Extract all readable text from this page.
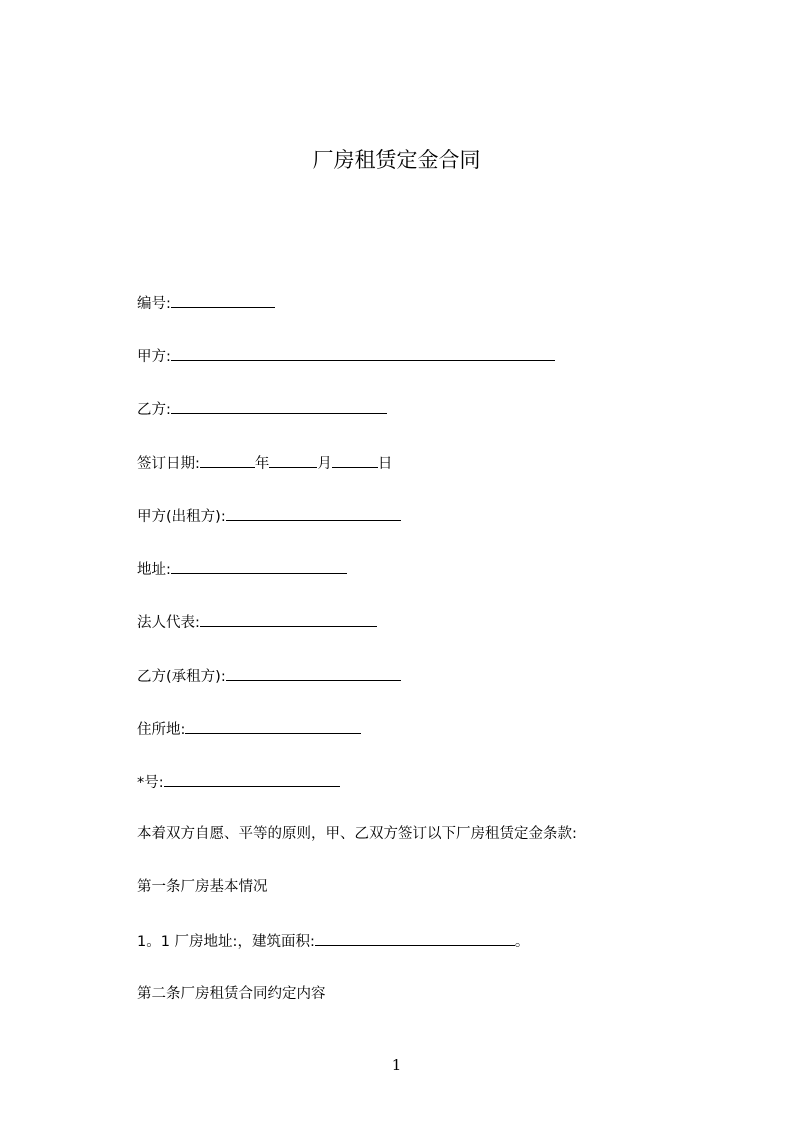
厂房租赁定金合同
编号:
甲方:
乙方:
签订日期:	年	月	日
甲方(出租方):
地址:
法人代表:
乙方(承租方):
住所地:
*号:
本着双方自愿、平等的原则，甲、乙双方签订以下厂房租赁定金条款:
第一条厂房基本情况
1。1 厂房地址:，建筑面积:	。
第二条厂房租赁合同约定内容
1
